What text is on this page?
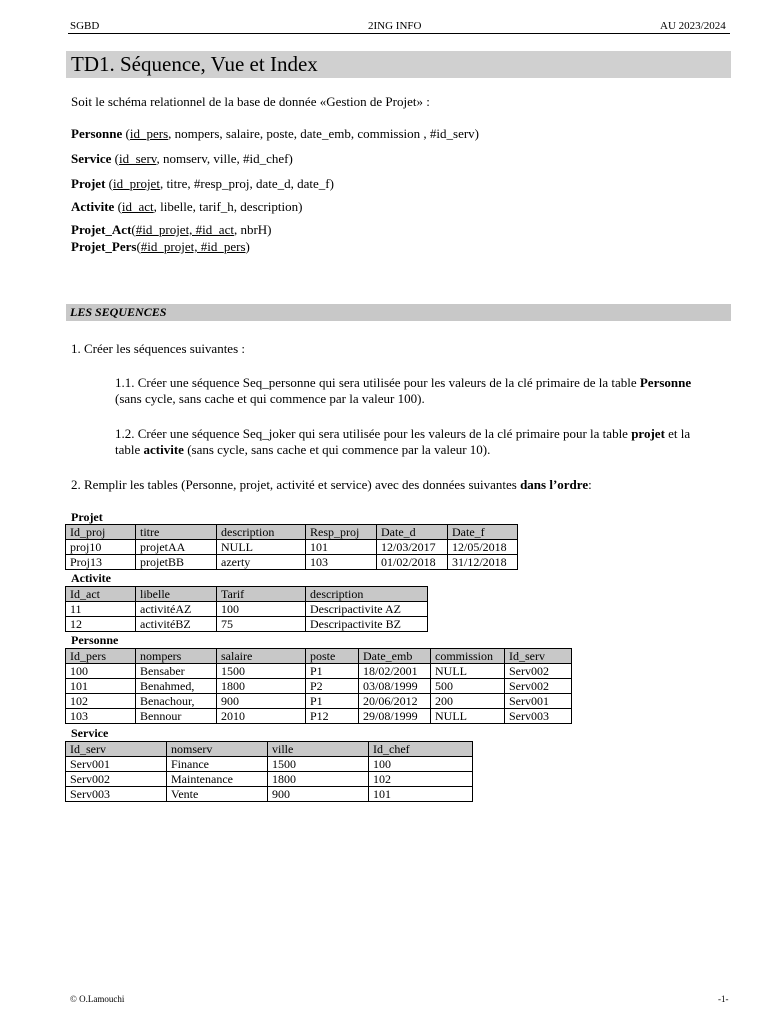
SGBD	2ING INFO	AU 2023/2024
TD1. Séquence, Vue et Index
Soit le schéma relationnel de la base de donnée «Gestion de Projet» :
Personne (id_pers, nompers, salaire, poste, date_emb, commission , #id_serv)
Service (id_serv, nomserv, ville, #id_chef)
Projet (id_projet, titre, #resp_proj, date_d, date_f)
Activite (id_act, libelle, tarif_h, description)
Projet_Act(#id_projet, #id_act, nbrH)
Projet_Pers(#id_projet, #id_pers)
LES SEQUENCES
1. Créer les séquences suivantes :
1.1. Créer une séquence Seq_personne qui sera utilisée pour les valeurs de la clé primaire de la table Personne
(sans cycle, sans cache et qui commence par la valeur 100).
1.2. Créer une séquence Seq_joker qui sera utilisée pour les valeurs de la clé primaire pour la table projet et la
table activite (sans cycle, sans cache et qui commence par la valeur 10).
2. Remplir les tables (Personne, projet, activité et service) avec des données suivantes dans l’ordre:
Projet
Id_proj	titre	description	Resp_proj	Date_d	Date_f
proj10	projetAA	NULL	101	12/03/2017	12/05/2018
Proj13	projetBB	azerty	103	01/02/2018	31/12/2018
Activite
Id_act	libelle	Tarif	description
11	activitéAZ	100	Descripactivite AZ
12	activitéBZ	75	Descripactivite BZ
Personne
Id_pers	nompers	salaire	poste	Date_emb	commission	Id_serv
100	Bensaber	1500	P1	18/02/2001	NULL	Serv002
101	Benahmed,	1800	P2	03/08/1999	500	Serv002
102	Benachour,	900	P1	20/06/2012	200	Serv001
103	Bennour	2010	P12	29/08/1999	NULL	Serv003
Service
Id_serv	nomserv	ville	Id_chef
Serv001	Finance	1500	100
Serv002	Maintenance	1800	102
Serv003	Vente	900	101
© O.Lamouchi	-1-
